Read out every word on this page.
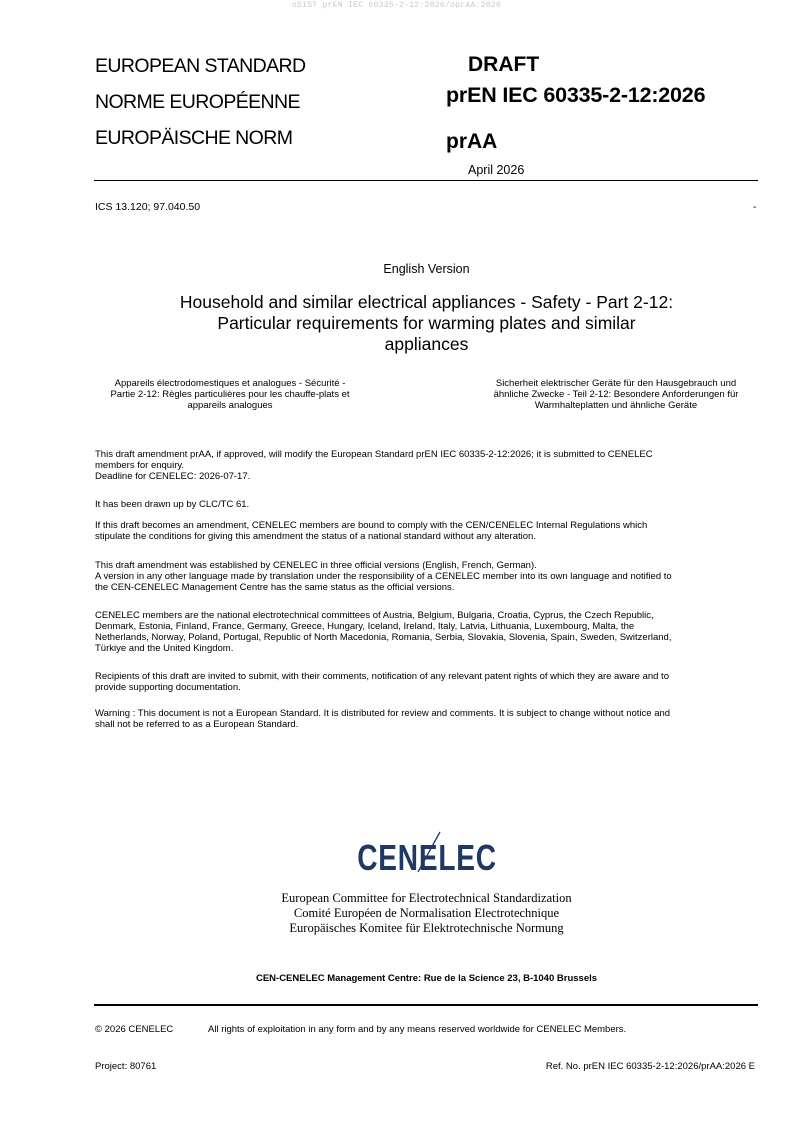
oSIST prEN IEC 60335-2-12:2026/oprAA:2026
EUROPEAN STANDARD
NORME EUROPÉENNE
EUROPÄISCHE NORM
DRAFT
prEN IEC 60335-2-12:2026
prAA
April 2026
ICS 13.120; 97.040.50	-
English Version
Household and similar electrical appliances - Safety - Part 2-12:
Particular requirements for warming plates and similar
appliances
Appareils électrodomestiques et analogues - Sécurité -
Partie 2-12: Règles particulières pour les chauffe-plats et
appareils analogues
Sicherheit elektrischer Geräte für den Hausgebrauch und
ähnliche Zwecke - Teil 2-12: Besondere Anforderungen für
Warmhalteplatten und ähnliche Geräte
This draft amendment prAA, if approved, will modify the European Standard prEN IEC 60335-2-12:2026; it is submitted to CENELEC
members for enquiry.
Deadline for CENELEC: 2026-07-17.
It has been drawn up by CLC/TC 61.
If this draft becomes an amendment, CENELEC members are bound to comply with the CEN/CENELEC Internal Regulations which
stipulate the conditions for giving this amendment the status of a national standard without any alteration.
This draft amendment was established by CENELEC in three official versions (English, French, German).
A version in any other language made by translation under the responsibility of a CENELEC member into its own language and notified to
the CEN-CENELEC Management Centre has the same status as the official versions.
CENELEC members are the national electrotechnical committees of Austria, Belgium, Bulgaria, Croatia, Cyprus, the Czech Republic,
Denmark, Estonia, Finland, France, Germany, Greece, Hungary, Iceland, Ireland, Italy, Latvia, Lithuania, Luxembourg, Malta, the
Netherlands, Norway, Poland, Portugal, Republic of North Macedonia, Romania, Serbia, Slovakia, Slovenia, Spain, Sweden, Switzerland,
Türkiye and the United Kingdom.
Recipients of this draft are invited to submit, with their comments, notification of any relevant patent rights of which they are aware and to
provide supporting documentation.
Warning : This document is not a European Standard. It is distributed for review and comments. It is subject to change without notice and
shall not be referred to as a European Standard.
CENELEC
European Committee for Electrotechnical Standardization
Comité Européen de Normalisation Electrotechnique
Europäisches Komitee für Elektrotechnische Normung
CEN-CENELEC Management Centre: Rue de la Science 23, B-1040 Brussels
© 2026 CENELEC	All rights of exploitation in any form and by any means reserved worldwide for CENELEC Members.
Project: 80761	Ref. No. prEN IEC 60335-2-12:2026/prAA:2026 E
